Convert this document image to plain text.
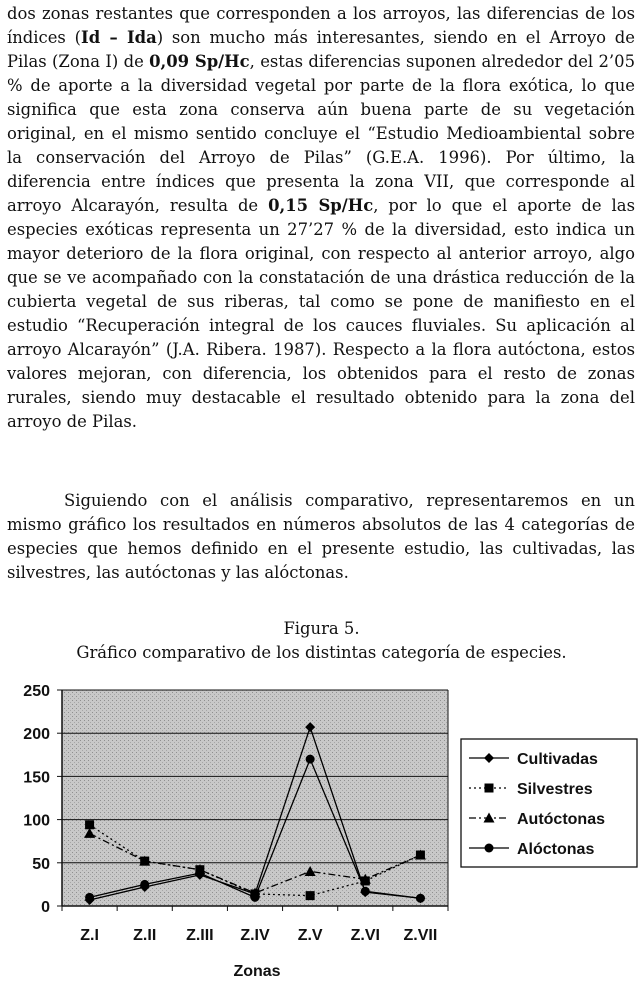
dos zonas restantes que corresponden a los arroyos, las diferencias de los índices (Id – Ida) son mucho más interesantes, siendo en el Arroyo de Pilas (Zona I) de 0,09 Sp/Hc, estas diferencias suponen alrededor del 2’05 % de aporte a la diversidad vegetal por parte de la flora exótica, lo que significa que esta zona conserva aún buena parte de su vegetación original, en el mismo sentido concluye el “Estudio Medioambiental sobre la conservación del Arroyo de Pilas” (G.E.A. 1996). Por último, la diferencia entre índices que presenta la zona VII, que corresponde al arroyo Alcarayón, resulta de 0,15 Sp/Hc, por lo que el aporte de las especies exóticas representa un 27’27 % de la diversidad, esto indica un mayor deterioro de la flora original, con respecto al anterior arroyo, algo que se ve acompañado con la constatación de una drástica reducción de la cubierta vegetal de sus riberas, tal como se pone de manifiesto en el estudio “Recuperación integral de los cauces fluviales. Su aplicación al arroyo Alcarayón” (J.A. Ribera. 1987). Respecto a la flora autóctona, estos valores mejoran, con diferencia, los obtenidos para el resto de zonas rurales, siendo muy destacable el resultado obtenido para la zona del arroyo de Pilas.

Siguiendo con el análisis comparativo, representaremos en un mismo gráfico los resultados en números absolutos de las 4 categorías de especies que hemos definido en el presente estudio, las cultivadas, las silvestres, las autóctonas y las alóctonas.

Figura 5.
Gráfico comparativo de los distintas categoría de especies.
0
50
100
150
200
250
Z.I Z.II Z.III Z.IV Z.V Z.VI Z.VII
Zonas
Cultivadas
Silvestres
Autóctonas
Alóctonas
